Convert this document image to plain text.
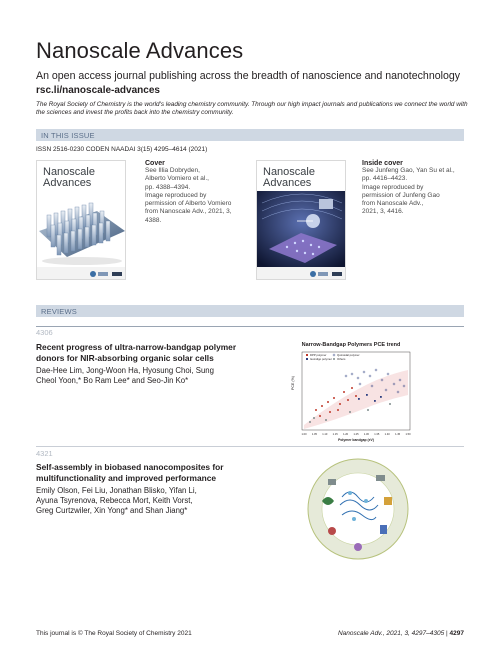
Nanoscale Advances
An open access journal publishing across the breadth of nanoscience and nanotechnology
rsc.li/nanoscale-advances
The Royal Society of Chemistry is the world's leading chemistry community. Through our high impact journals and publications we connect the world with the sciences and invest the profits back into the chemistry community.
IN THIS ISSUE
ISSN 2516-0230 CODEN NAADAI 3(15) 4295–4614 (2021)
Nanoscale
Advances
Cover
See Illia Dobryden,
Alberto Vomiero et al.,
pp. 4388–4394.
Image reproduced by
permission of Alberto Vomiero
from Nanoscale Adv., 2021, 3,
4388.
Nanoscale
Advances
Inside cover
See Junfeng Gao, Yan Su et al.,
pp. 4416–4423.
Image reproduced by
permission of Junfeng Gao
from Nanoscale Adv.,
2021, 3, 4416.
REVIEWS
4306
Recent progress of ultra-narrow-bandgap polymer
donors for NIR-absorbing organic solar cells
Dae-Hee Lim, Jong-Woon Ha, Hyosung Choi, Sung
Cheol Yoon,* Bo Ram Lee* and Seo-Jin Ko*
Narrow-Bandgap Polymers PCE trend
PCE (%)
DPP polymer
Isoindigo polymer
Quinoidal polymer
Others
1.00 1.05 1.10 1.15 1.20 1.25 1.30 1.35 1.40 1.45 1.50
Polymer bandgap (eV)
4321
Self-assembly in biobased nanocomposites for
multifunctionality and improved performance
Emily Olson, Fei Liu, Jonathan Blisko, Yifan Li,
Ayuna Tsyrenova, Rebecca Mort, Keith Vorst,
Greg Curtzwiler, Xin Yong* and Shan Jiang*
This journal is © The Royal Society of Chemistry 2021	Nanoscale Adv., 2021, 3, 4297–4305 | 4297
